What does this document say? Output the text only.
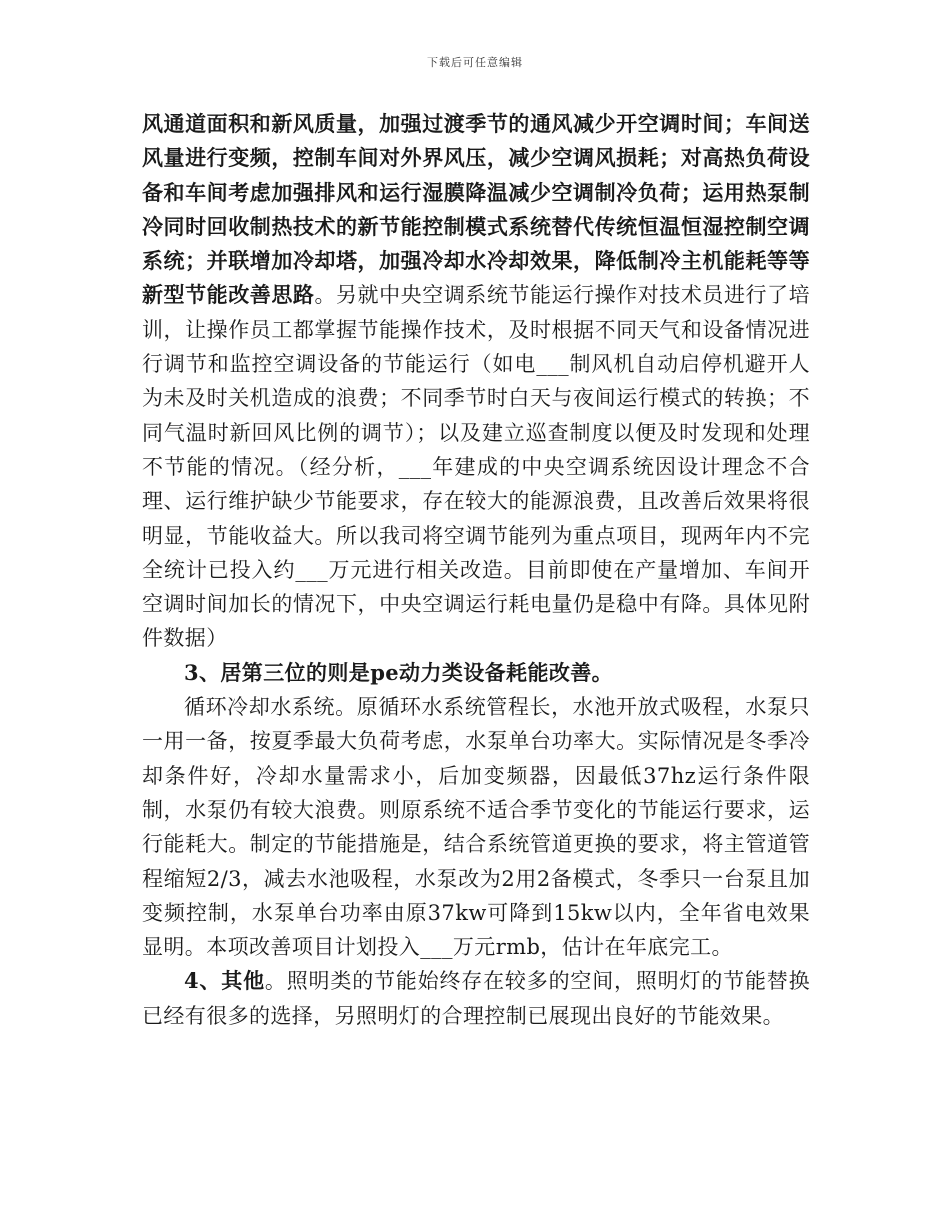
下载后可任意编辑

风通道面积和新风质量，加强过渡季节的通风减少开空调时间；车间送风量进行变频，控制车间对外界风压，减少空调风损耗；对高热负荷设备和车间考虑加强排风和运行湿膜降温减少空调制冷负荷；运用热泵制冷同时回收制热技术的新节能控制模式系统替代传统恒温恒湿控制空调系统；并联增加冷却塔，加强冷却水冷却效果，降低制冷主机能耗等等新型节能改善思路。另就中央空调系统节能运行操作对技术员进行了培训，让操作员工都掌握节能操作技术，及时根据不同天气和设备情况进行调节和监控空调设备的节能运行（如电___制风机自动启停机避开人为未及时关机造成的浪费；不同季节时白天与夜间运行模式的转换；不同气温时新回风比例的调节）；以及建立巡查制度以便及时发现和处理不节能的情况。（经分析，___年建成的中央空调系统因设计理念不合理、运行维护缺少节能要求，存在较大的能源浪费，且改善后效果将很明显，节能收益大。所以我司将空调节能列为重点项目，现两年内不完全统计已投入约___万元进行相关改造。目前即使在产量增加、车间开空调时间加长的情况下，中央空调运行耗电量仍是稳中有降。具体见附件数据）

3、居第三位的则是pe动力类设备耗能改善。

循环冷却水系统。原循环水系统管程长，水池开放式吸程，水泵只一用一备，按夏季最大负荷考虑，水泵单台功率大。实际情况是冬季冷却条件好，冷却水量需求小，后加变频器，因最低37hz运行条件限制，水泵仍有较大浪费。则原系统不适合季节变化的节能运行要求，运行能耗大。制定的节能措施是，结合系统管道更换的要求，将主管道管程缩短2/3，减去水池吸程，水泵改为2用2备模式，冬季只一台泵且加变频控制，水泵单台功率由原37kw可降到15kw以内，全年省电效果显明。本项改善项目计划投入___万元rmb，估计在年底完工。

4、其他。照明类的节能始终存在较多的空间，照明灯的节能替换已经有很多的选择，另照明灯的合理控制已展现出良好的节能效果。
